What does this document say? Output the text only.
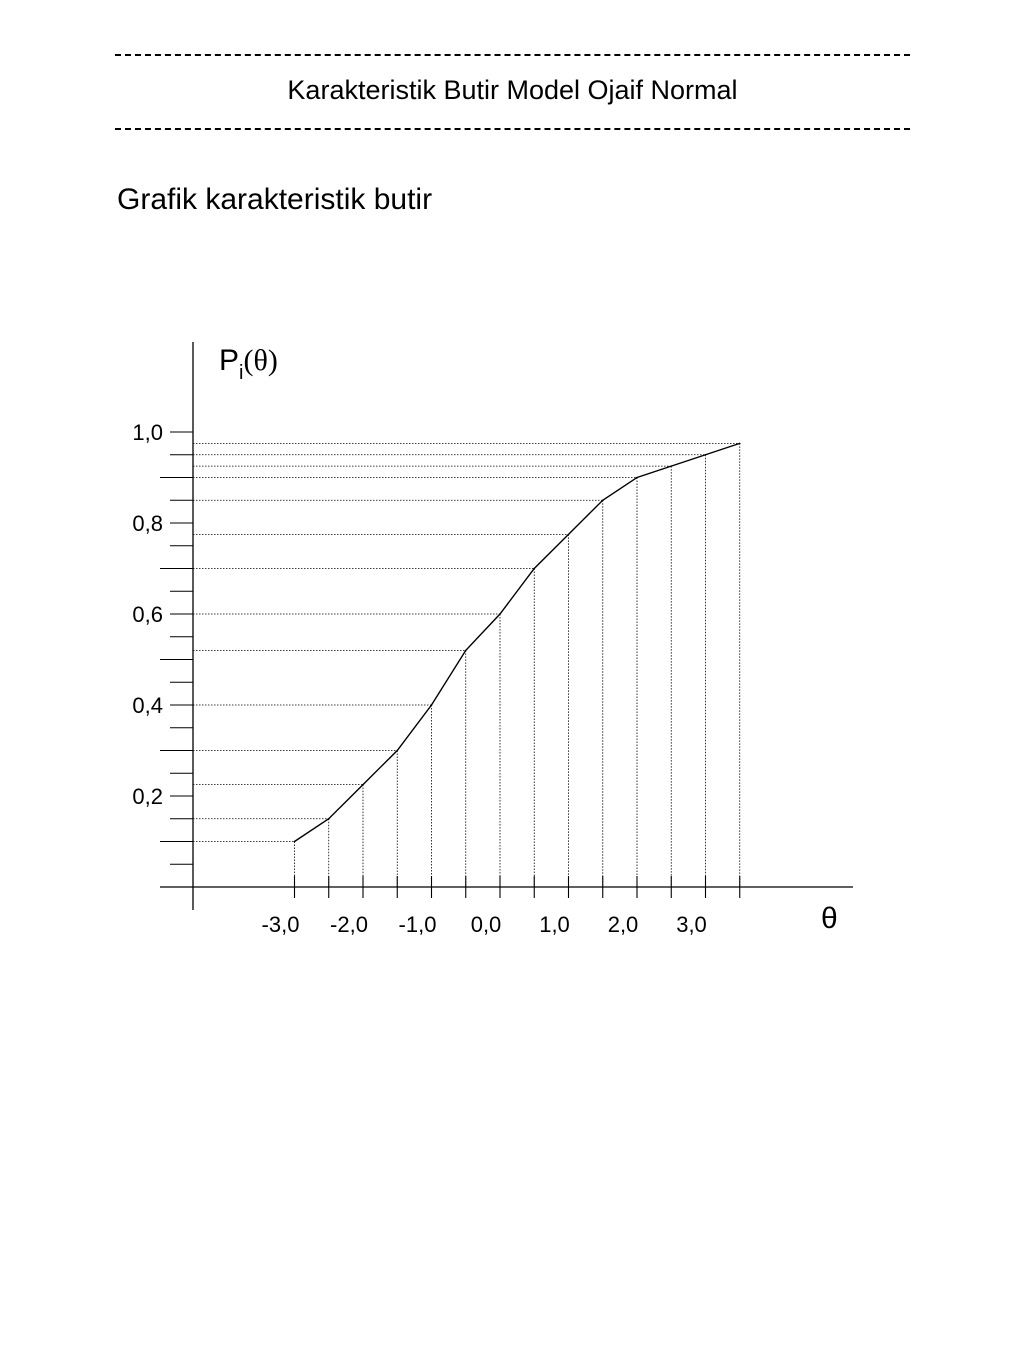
Karakteristik Butir Model Ojaif Normal
Grafik karakteristik butir
$P_i(\theta)$
θ
0,2
0,4
0,6
0,8
1,0
-3,0 -2,0 -1,0 0,0 1,0 2,0 3,0
